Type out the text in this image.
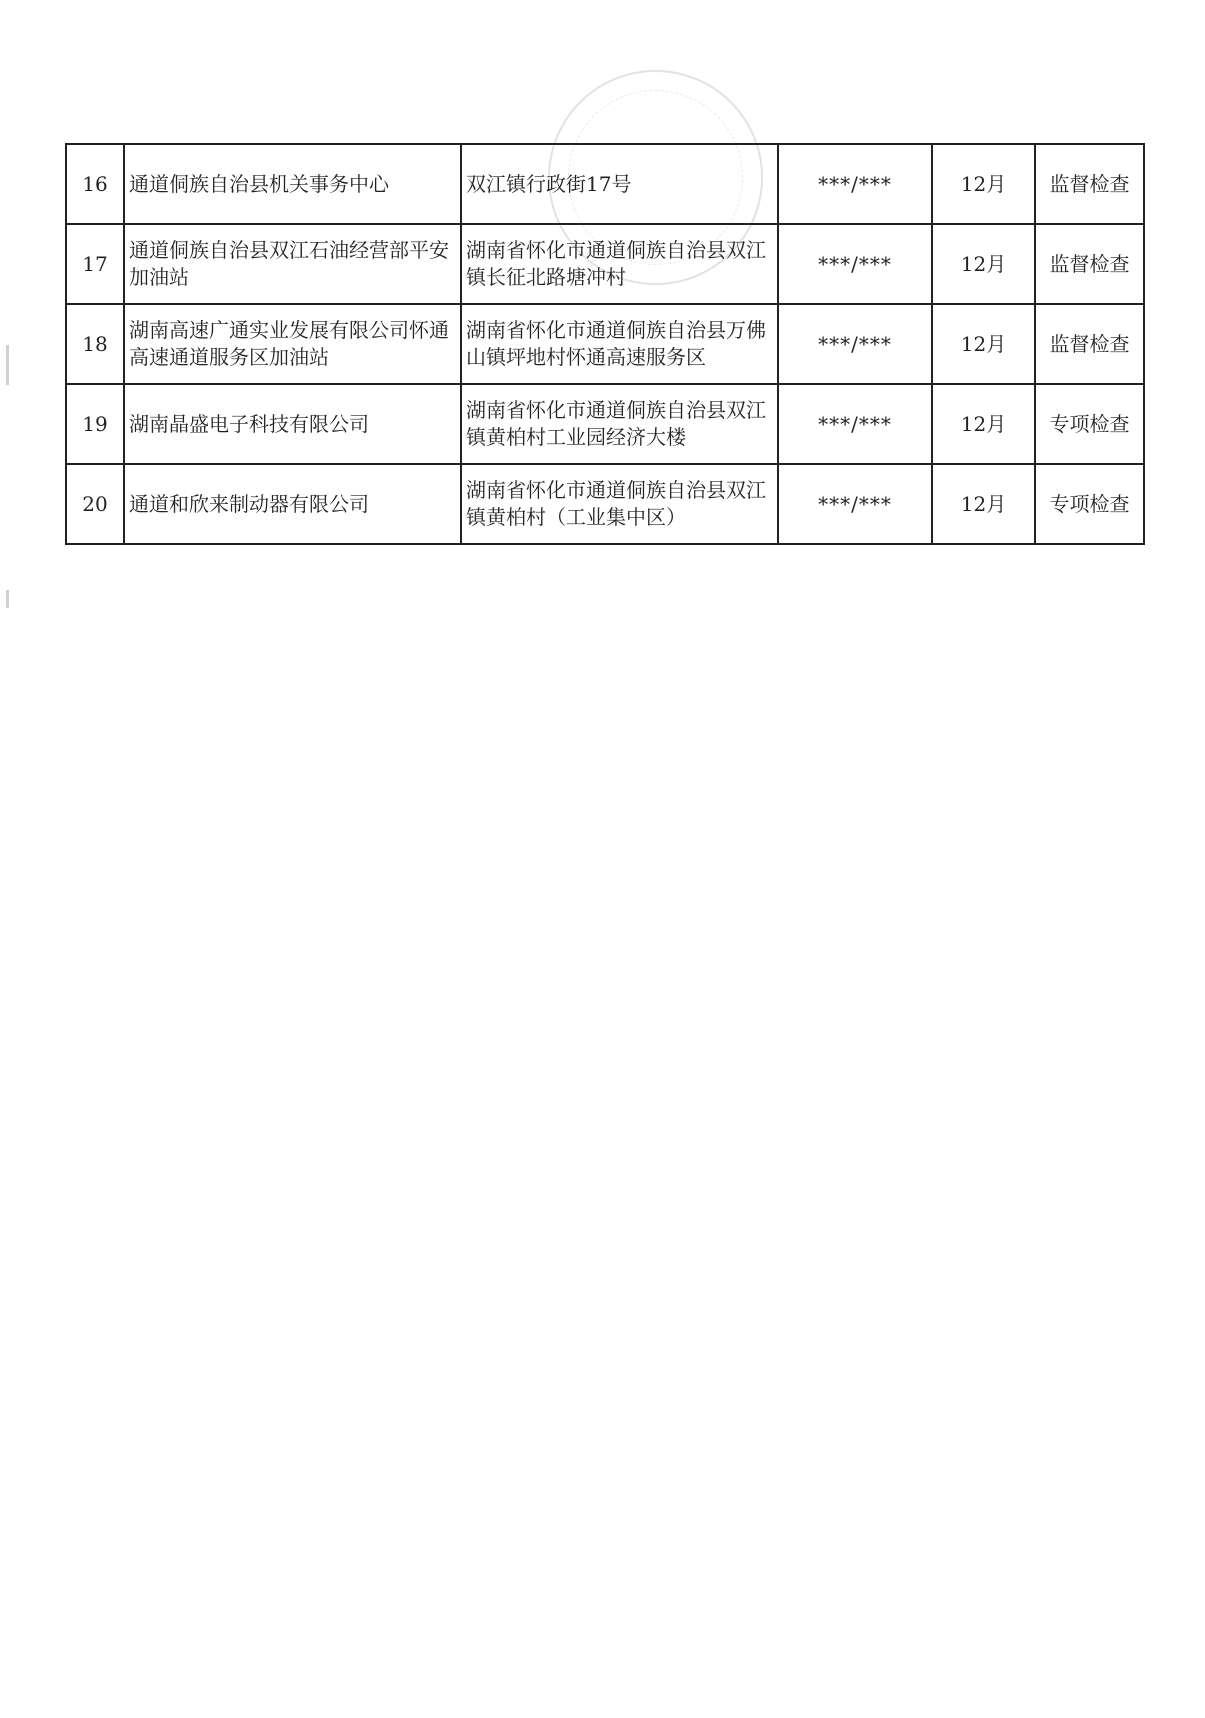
16	通道侗族自治县机关事务中心	双江镇行政街17号	***/***	12月	监督检查
17	通道侗族自治县双江石油经营部平安加油站	湖南省怀化市通道侗族自治县双江镇长征北路塘冲村	***/***	12月	监督检查
18	湖南高速广通实业发展有限公司怀通高速通道服务区加油站	湖南省怀化市通道侗族自治县万佛山镇坪地村怀通高速服务区	***/***	12月	监督检查
19	湖南晶盛电子科技有限公司	湖南省怀化市通道侗族自治县双江镇黄柏村工业园经济大楼	***/***	12月	专项检查
20	通道和欣来制动器有限公司	湖南省怀化市通道侗族自治县双江镇黄柏村（工业集中区）	***/***	12月	专项检查
